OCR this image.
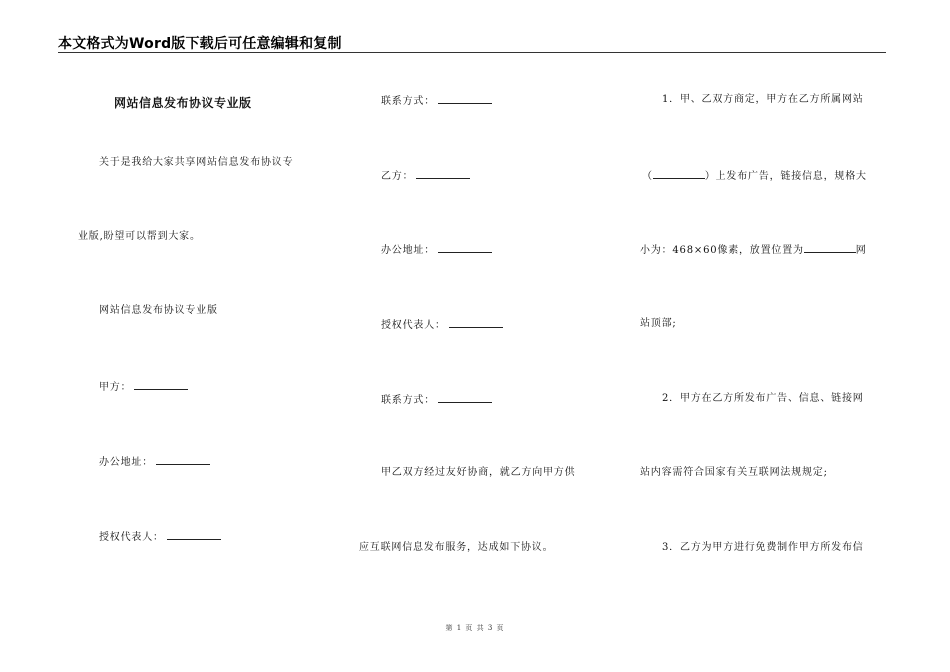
本文格式为Word版下载后可任意编辑和复制
网站信息发布协议专业版
关于是我给大家共享网站信息发布协议专
业版,盼望可以帮到大家。
网站信息发布协议专业版
甲方：
办公地址：
授权代表人：
联系方式：
乙方：
办公地址：
授权代表人：
联系方式：
甲乙双方经过友好协商，就乙方向甲方供
应互联网信息发布服务，达成如下协议。
1．甲、乙双方商定，甲方在乙方所属网站
（	）上发布广告，链接信息，规格大
小为：468×60像素，放置位置为	网
站顶部;
2．甲方在乙方所发布广告、信息、链接网
站内容需符合国家有关互联网法规规定;
3．乙方为甲方进行免费制作甲方所发布信
第 1 页 共 3 页
